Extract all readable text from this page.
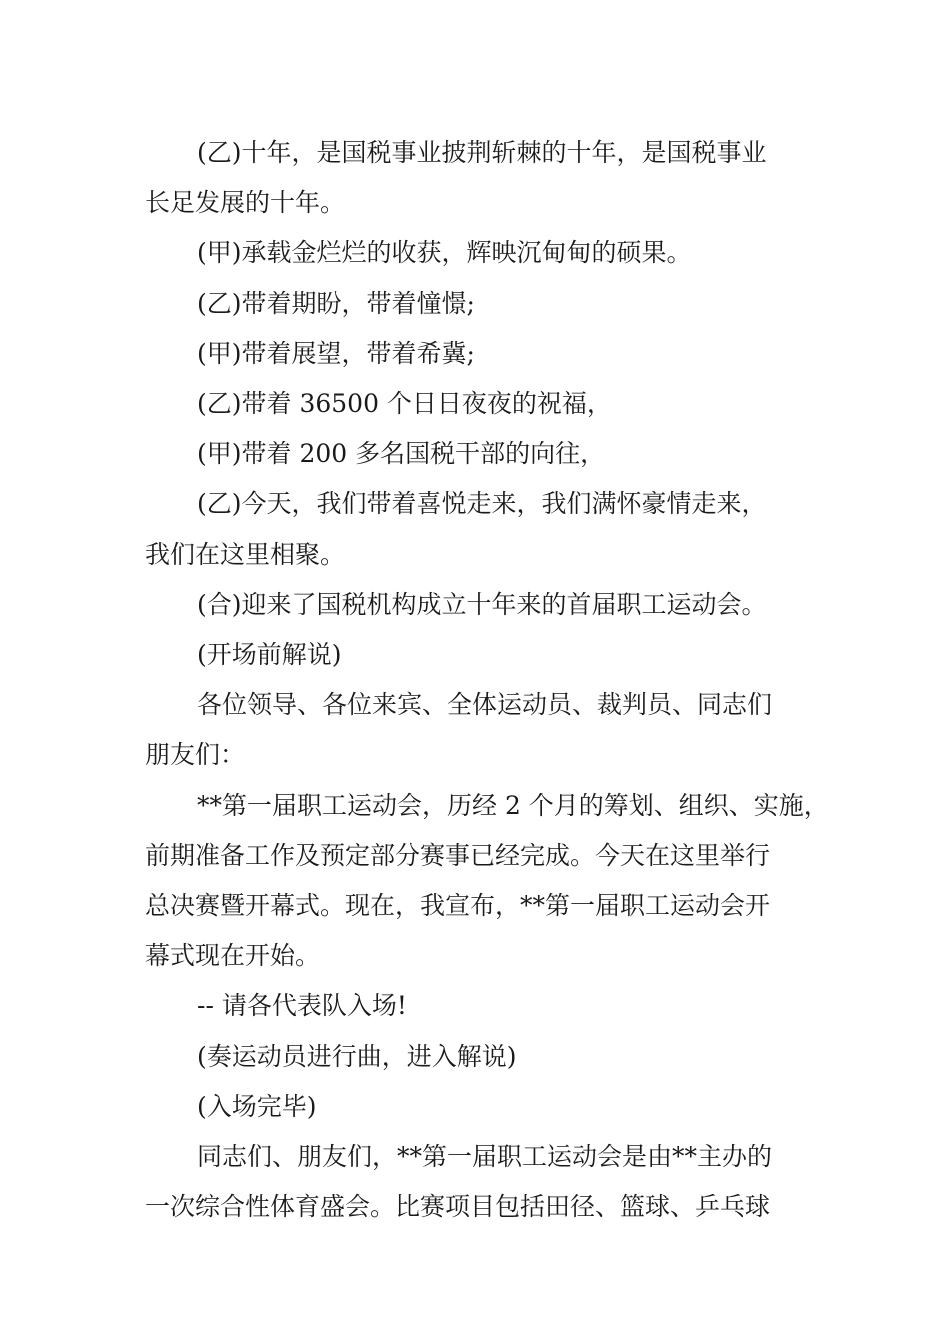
(乙)十年，是国税事业披荆斩棘的十年，是国税事业
长足发展的十年。

(甲)承载金烂烂的收获，辉映沉甸甸的硕果。

(乙)带着期盼，带着憧憬;

(甲)带着展望，带着希冀;

(乙)带着 36500 个日日夜夜的祝福，

(甲)带着 200 多名国税干部的向往，

(乙)今天，我们带着喜悦走来，我们满怀豪情走来，
我们在这里相聚。

(合)迎来了国税机构成立十年来的首届职工运动会。

(开场前解说)

各位领导、各位来宾、全体运动员、裁判员、同志们
朋友们：

**第一届职工运动会，历经 2 个月的筹划、组织、实施，
前期准备工作及预定部分赛事已经完成。今天在这里举行
总决赛暨开幕式。现在，我宣布，**第一届职工运动会开
幕式现在开始。

-- 请各代表队入场!

(奏运动员进行曲，进入解说)

(入场完毕)

同志们、朋友们，**第一届职工运动会是由**主办的
一次综合性体育盛会。比赛项目包括田径、篮球、乒乓球
